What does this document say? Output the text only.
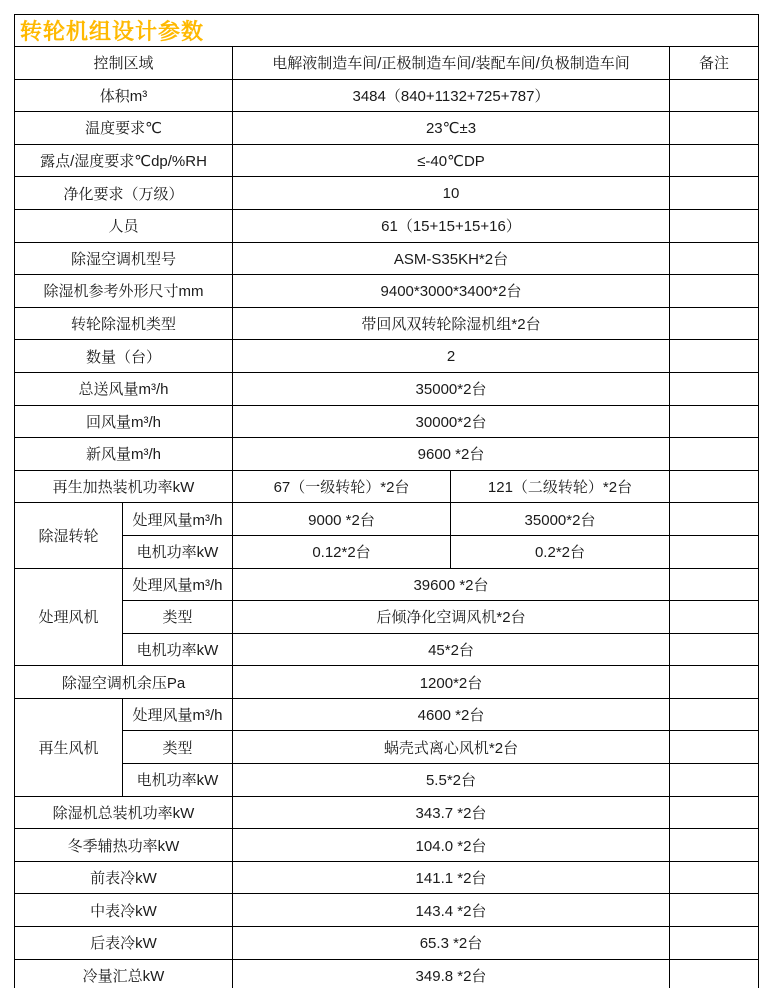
转轮机组设计参数				
控制区域		电解液制造车间/正极制造车间/装配车间/负极制造车间		备注
体积m³		3484（840+1132+725+787）		
温度要求℃		23℃±3		
露点/湿度要求℃dp/%RH		≤-40℃DP		
净化要求（万级）		10		
人员		61（15+15+15+16）		
除湿空调机型号		ASM-S35KH*2台		
除湿机参考外形尺寸mm		9400*3000*3400*2台		
转轮除湿机类型		带回风双转轮除湿机组*2台		
数量（台）		2		
总送风量m³/h		35000*2台		
回风量m³/h		30000*2台		
新风量m³/h		9600 *2台		
再生加热装机功率kW		67（一级转轮）*2台	121（二级转轮）*2台	
除湿转轮	处理风量m³/h	9000 *2台	35000*2台	
	电机功率kW	0.12*2台	0.2*2台	
处理风机	处理风量m³/h	39600 *2台		
	类型	后倾净化空调风机*2台		
	电机功率kW	45*2台		
除湿空调机余压Pa		1200*2台		
再生风机	处理风量m³/h	4600 *2台		
	类型	蜗壳式离心风机*2台		
	电机功率kW	5.5*2台		
除湿机总装机功率kW		343.7 *2台		
冬季辅热功率kW		104.0 *2台		
前表冷kW		141.1 *2台		
中表冷kW		143.4 *2台		
后表冷kW		65.3 *2台		
冷量汇总kW		349.8 *2台		
